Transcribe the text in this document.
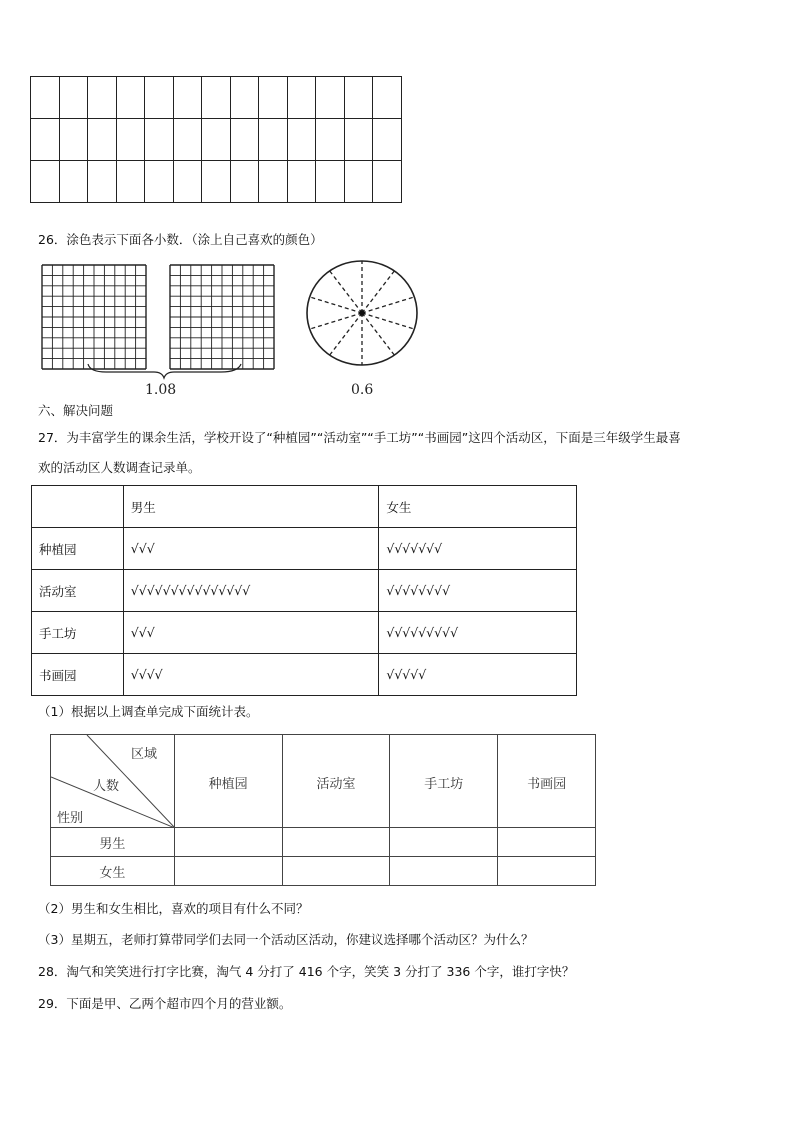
26．涂色表示下面各小数．（涂上自己喜欢的颜色）
1.08	0.6
六、解决问题
27．为丰富学生的课余生活，学校开设了“种植园”“活动室”“手工坊”“书画园”这四个活动区，下面是三年级学生最喜
欢的活动区人数调查记录单。
	男生	女生
种植园	√√√	√√√√√√√
活动室	√√√√√√√√√√√√√√√	√√√√√√√√
手工坊	√√√	√√√√√√√√√
书画园	√√√√	√√√√√
（1）根据以上调查单完成下面统计表。
区域
人数
性别	种植园	活动室	手工坊	书画园
男生				
女生				
（2）男生和女生相比，喜欢的项目有什么不同？
（3）星期五，老师打算带同学们去同一个活动区活动，你建议选择哪个活动区？为什么？
28．淘气和笑笑进行打字比赛，淘气 4 分打了 416 个字，笑笑 3 分打了 336 个字，谁打字快？
29．下面是甲、乙两个超市四个月的营业额。
